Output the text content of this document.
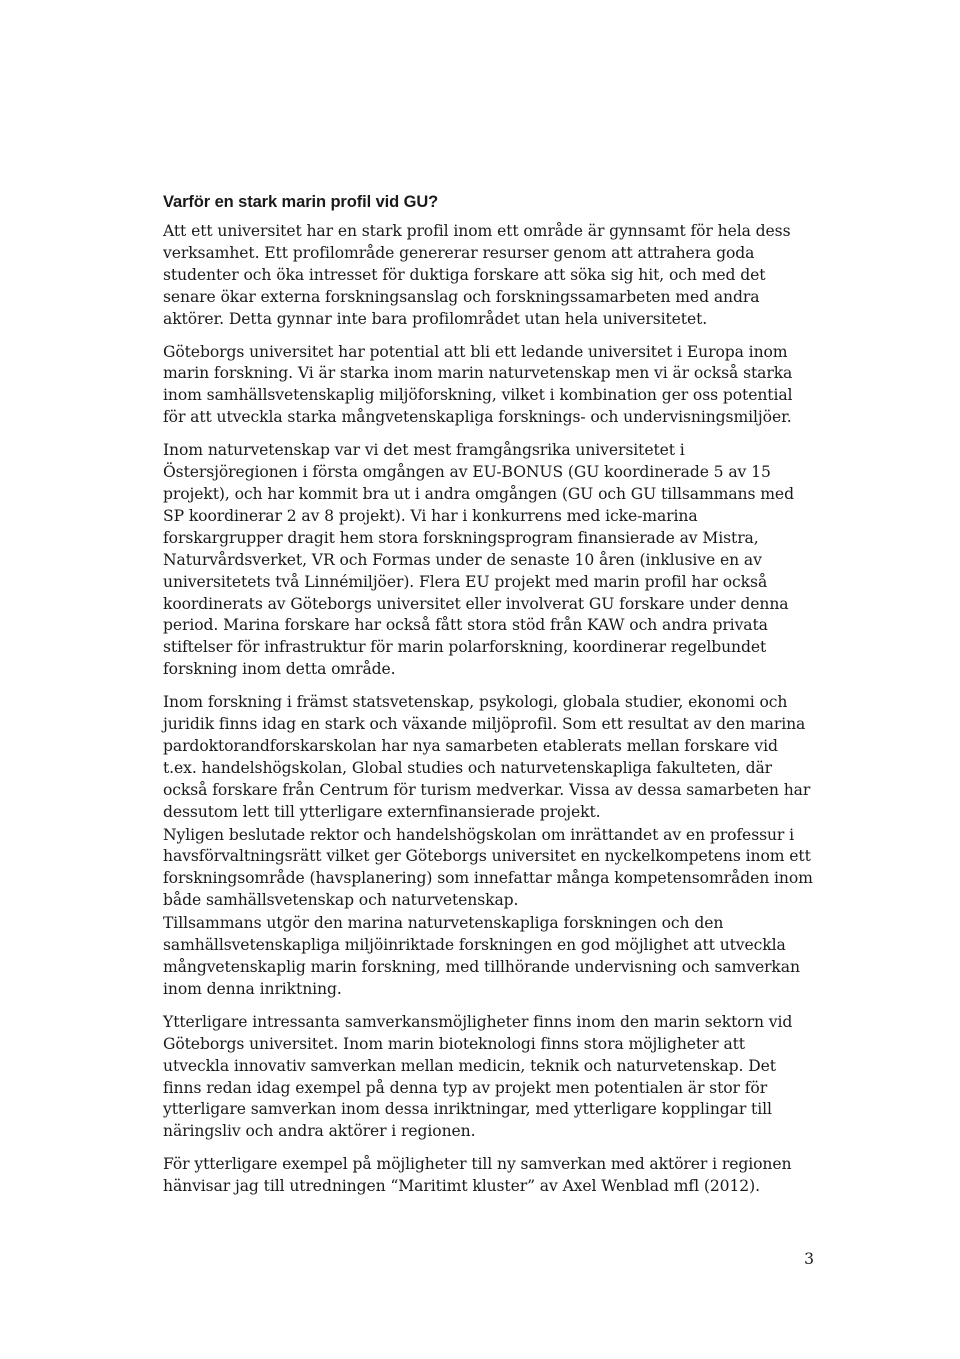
Varför en stark marin profil vid GU?

Att ett universitet har en stark profil inom ett område är gynnsamt för hela dess verksamhet. Ett profilområde genererar resurser genom att attrahera goda studenter och öka intresset för duktiga forskare att söka sig hit, och med det senare ökar externa forskningsanslag och forskningssamarbeten med andra aktörer. Detta gynnar inte bara profilområdet utan hela universitetet.

Göteborgs universitet har potential att bli ett ledande universitet i Europa inom marin forskning. Vi är starka inom marin naturvetenskap men vi är också starka inom samhällsvetenskaplig miljöforskning, vilket i kombination ger oss potential för att utveckla starka mångvetenskapliga forsknings- och undervisningsmiljöer.

Inom naturvetenskap var vi det mest framgångsrika universitetet i Östersjöregionen i första omgången av EU-BONUS (GU koordinerade 5 av 15 projekt), och har kommit bra ut i andra omgången (GU och GU tillsammans med SP koordinerar 2 av 8 projekt). Vi har i konkurrens med icke-marina forskargrupper dragit hem stora forskningsprogram finansierade av Mistra, Naturvårdsverket, VR och Formas under de senaste 10 åren (inklusive en av universitetets två Linnémiljöer). Flera EU projekt med marin profil har också koordinerats av Göteborgs universitet eller involverat GU forskare under denna period. Marina forskare har också fått stora stöd från KAW och andra privata stiftelser för infrastruktur för marin polarforskning, koordinerar regelbundet forskning inom detta område.

Inom forskning i främst statsvetenskap, psykologi, globala studier, ekonomi och juridik finns idag en stark och växande miljöprofil. Som ett resultat av den marina pardoktorandforskarskolan har nya samarbeten etablerats mellan forskare vid t.ex. handelshögskolan, Global studies och naturvetenskapliga fakulteten, där också forskare från Centrum för turism medverkar. Vissa av dessa samarbeten har dessutom lett till ytterligare externfinansierade projekt.

Nyligen beslutade rektor och handelshögskolan om inrättandet av en professur i havsförvaltningsrätt vilket ger Göteborgs universitet en nyckelkompetens inom ett forskningsområde (havsplanering) som innefattar många kompetensområden inom både samhällsvetenskap och naturvetenskap.

Tillsammans utgör den marina naturvetenskapliga forskningen och den samhällsvetenskapliga miljöinriktade forskningen en god möjlighet att utveckla mångvetenskaplig marin forskning, med tillhörande undervisning och samverkan inom denna inriktning.

Ytterligare intressanta samverkansmöjligheter finns inom den marin sektorn vid Göteborgs universitet. Inom marin bioteknologi finns stora möjligheter att utveckla innovativ samverkan mellan medicin, teknik och naturvetenskap. Det finns redan idag exempel på denna typ av projekt men potentialen är stor för ytterligare samverkan inom dessa inriktningar, med ytterligare kopplingar till näringsliv och andra aktörer i regionen.

För ytterligare exempel på möjligheter till ny samverkan med aktörer i regionen hänvisar jag till utredningen “Maritimt kluster” av Axel Wenblad mfl (2012).

3
